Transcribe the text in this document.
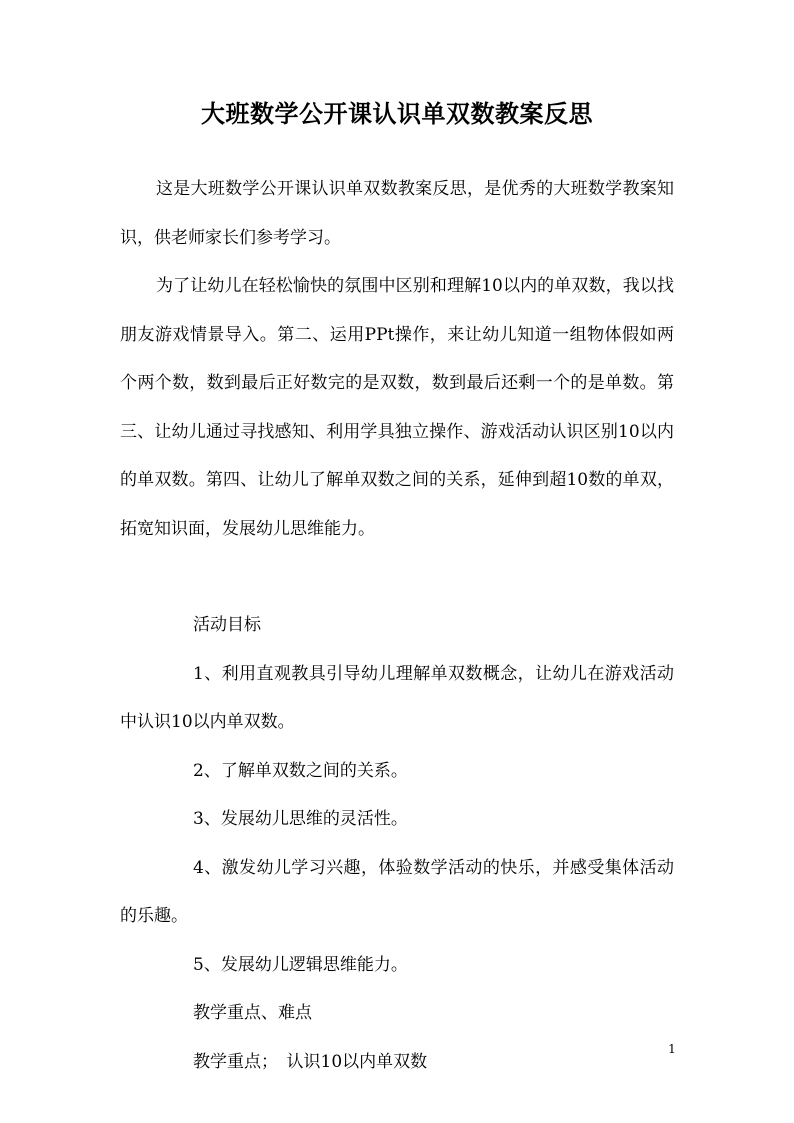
大班数学公开课认识单双数教案反思

这是大班数学公开课认识单双数教案反思，是优秀的大班数学教案知识，供老师家长们参考学习。

为了让幼儿在轻松愉快的氛围中区别和理解10以内的单双数，我以找朋友游戏情景导入。第二、运用PPt操作，来让幼儿知道一组物体假如两个两个数，数到最后正好数完的是双数，数到最后还剩一个的是单数。第三、让幼儿通过寻找感知、利用学具独立操作、游戏活动认识区别10以内的单双数。第四、让幼儿了解单双数之间的关系，延伸到超10数的单双，拓宽知识面，发展幼儿思维能力。

活动目标

1、利用直观教具引导幼儿理解单双数概念，让幼儿在游戏活动中认识10以内单双数。

2、了解单双数之间的关系。

3、发展幼儿思维的灵活性。

4、激发幼儿学习兴趣，体验数学活动的快乐，并感受集体活动的乐趣。

5、发展幼儿逻辑思维能力。

教学重点、难点

教学重点；　认识10以内单双数

1
